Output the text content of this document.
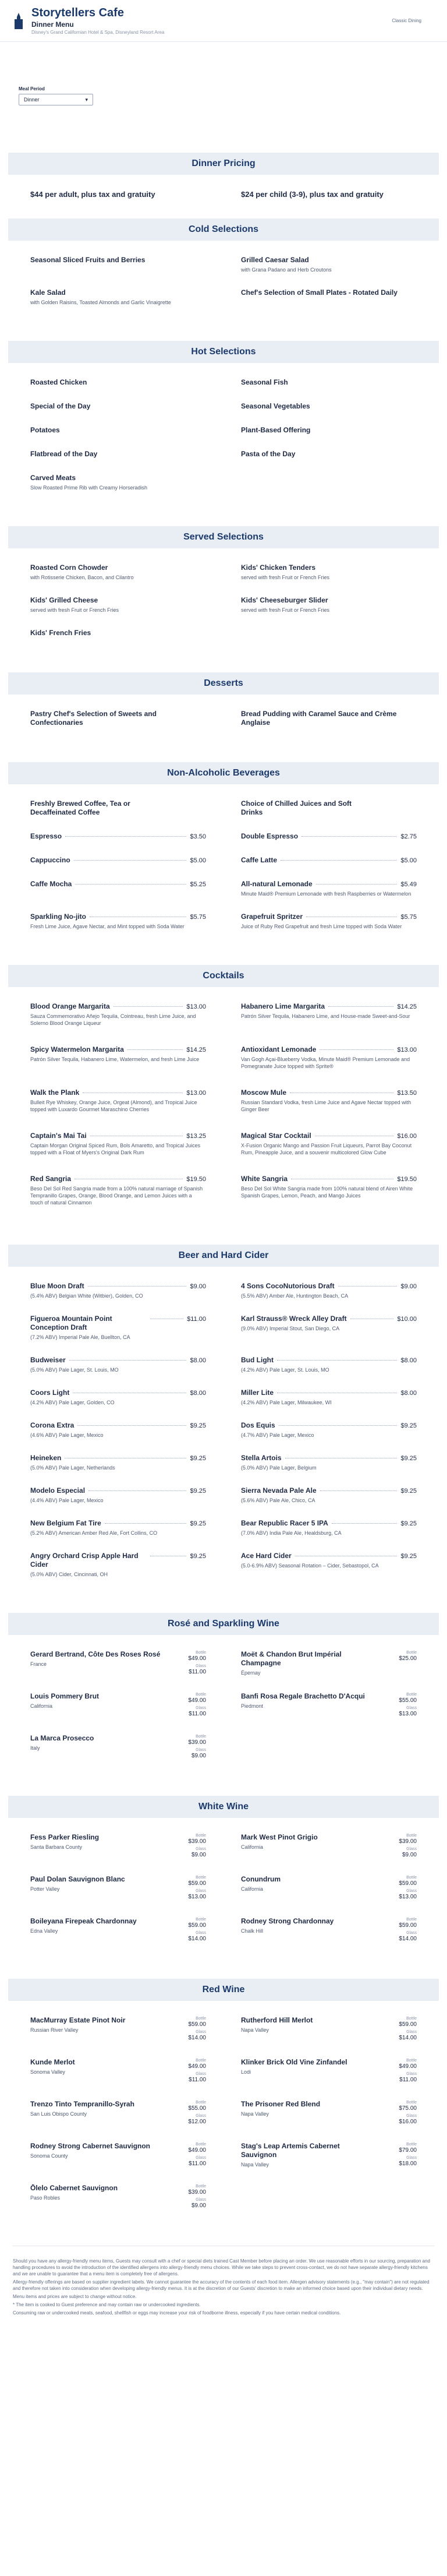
Storytellers Cafe
Dinner Menu
Disney's Grand Californian Hotel & Spa, Disneyland Resort Area
Classic Dining
Meal Period
Dinner	▾
Dinner Pricing
$44 per adult, plus tax and gratuity	$24 per child (3-9), plus tax and gratuity
Cold Selections
Seasonal Sliced Fruits and Berries	Grilled Caesar Salad
with Grana Padano and Herb Croutons
Kale Salad
with Golden Raisins, Toasted Almonds and Garlic Vinaigrette
Chef's Selection of Small Plates - Rotated Daily
Hot Selections
Roasted Chicken	Seasonal Fish
Special of the Day	Seasonal Vegetables
Potatoes	Plant-Based Offering
Flatbread of the Day	Pasta of the Day
Carved Meats
Slow Roasted Prime Rib with Creamy Horseradish
Served Selections
Roasted Corn Chowder
with Rotisserie Chicken, Bacon, and Cilantro
Kids' Chicken Tenders
served with fresh Fruit or French Fries
Kids' Grilled Cheese
served with fresh Fruit or French Fries
Kids' Cheeseburger Slider
served with fresh Fruit or French Fries
Kids' French Fries
Desserts
Pastry Chef's Selection of Sweets and Confectionaries
Bread Pudding with Caramel Sauce and Crème Anglaise
Non-Alcoholic Beverages
Freshly Brewed Coffee, Tea or Decaffeinated Coffee
Choice of Chilled Juices and Soft Drinks
Espresso	$3.50	Double Espresso	$2.75
Cappuccino	$5.00	Caffe Latte	$5.00
Caffe Mocha	$5.25	All-natural Lemonade	$5.49
Minute Maid® Premium Lemonade with fresh Raspberries or Watermelon
Sparkling No-jito	$5.75
Fresh Lime Juice, Agave Nectar, and Mint topped with Soda Water
Grapefruit Spritzer	$5.75
Juice of Ruby Red Grapefruit and fresh Lime topped with Soda Water
Cocktails
Blood Orange Margarita	$13.00
Sauza Commemorativo Añejo Tequila, Cointreau, fresh Lime Juice, and Solerno Blood Orange Liqueur
Habanero Lime Margarita	$14.25
Patrón Silver Tequila, Habanero Lime, and House-made Sweet-and-Sour
Spicy Watermelon Margarita	$14.25
Patrón Silver Tequila, Habanero Lime, Watermelon, and fresh Lime Juice
Antioxidant Lemonade	$13.00
Van Gogh Açai-Blueberry Vodka, Minute Maid® Premium Lemonade and Pomegranate Juice topped with Sprite®
Walk the Plank	$13.00
Bulleit Rye Whiskey, Orange Juice, Orgeat (Almond), and Tropical Juice topped with Luxardo Gourmet Maraschino Cherries
Moscow Mule	$13.50
Russian Standard Vodka, fresh Lime Juice and Agave Nectar topped with Ginger Beer
Captain's Mai Tai	$13.25
Captain Morgan Original Spiced Rum, Bols Amaretto, and Tropical Juices topped with a Float of Myers's Original Dark Rum
Magical Star Cocktail	$16.00
X-Fusion Organic Mango and Passion Fruit Liqueurs, Parrot Bay Coconut Rum, Pineapple Juice, and a souvenir multicolored Glow Cube
Red Sangria	$19.50
Beso Del Sol Red Sangria made from a 100% natural marriage of Spanish Tempranillo Grapes, Orange, Blood Orange, and Lemon Juices with a touch of natural Cinnamon
White Sangria	$19.50
Beso Del Sol White Sangria made from 100% natural blend of Airen White Spanish Grapes, Lemon, Peach, and Mango Juices
Beer and Hard Cider
Blue Moon Draft	$9.00
(5.4% ABV) Belgian White (Witbier), Golden, CO
4 Sons CocoNutorious Draft	$9.00
(5.5% ABV) Amber Ale, Huntington Beach, CA
Figueroa Mountain Point Conception Draft
$11.00
(7.2% ABV) Imperial Pale Ale, Buellton, CA
Karl Strauss® Wreck Alley Draft	$10.00
(9.0% ABV) Imperial Stout, San Diego, CA
Budweiser	$8.00
(5.0% ABV) Pale Lager, St. Louis, MO
Bud Light	$8.00
(4.2% ABV) Pale Lager, St. Louis, MO
Coors Light	$8.00
(4.2% ABV) Pale Lager, Golden, CO
Miller Lite	$8.00
(4.2% ABV) Pale Lager, Milwaukee, WI
Corona Extra	$9.25
(4.6% ABV) Pale Lager, Mexico
Dos Equis	$9.25
(4.7% ABV) Pale Lager, Mexico
Heineken	$9.25
(5.0% ABV) Pale Lager, Netherlands
Stella Artois	$9.25
(5.0% ABV) Pale Lager, Belgium
Modelo Especial	$9.25
(4.4% ABV) Pale Lager, Mexico
Sierra Nevada Pale Ale	$9.25
(5.6% ABV) Pale Ale, Chico, CA
New Belgium Fat Tire	$9.25
(5.2% ABV) American Amber Red Ale, Fort Collins, CO
Bear Republic Racer 5 IPA	$9.25
(7.0% ABV) India Pale Ale, Healdsburg, CA
Angry Orchard Crisp Apple Hard Cider
$9.25
(5.0% ABV) Cider, Cincinnati, OH
Ace Hard Cider	$9.25
(5.0-6.9% ABV) Seasonal Rotation – Cider, Sebastopol, CA
Rosé and Sparkling Wine
Gerard Bertrand, Côte Des Roses Rosé
France
Bottle
$49.00
Glass
$11.00
Moët & Chandon Brut Impérial Champagne
Épernay
Bottle
$25.00
Louis Pommery Brut
California
Bottle
$49.00
Glass
$11.00
Banfi Rosa Regale Brachetto D'Acqui
Piedmont
Bottle
$55.00
Glass
$13.00
La Marca Prosecco
Italy
Bottle
$39.00
Glass
$9.00
White Wine
Fess Parker Riesling
Santa Barbara County
Bottle
$39.00
Glass
$9.00
Mark West Pinot Grigio
California
Bottle
$39.00
Glass
$9.00
Paul Dolan Sauvignon Blanc
Potter Valley
Bottle
$59.00
Glass
$13.00
Conundrum
California
Bottle
$59.00
Glass
$13.00
Boileyana Firepeak Chardonnay
Edna Valley
Bottle
$59.00
Glass
$14.00
Rodney Strong Chardonnay
Chalk Hill
Bottle
$59.00
Glass
$14.00
Red Wine
MacMurray Estate Pinot Noir
Russian River Valley
Bottle
$59.00
Glass
$14.00
Rutherford Hill Merlot
Napa Valley
Bottle
$59.00
Glass
$14.00
Kunde Merlot
Sonoma Valley
Bottle
$49.00
Glass
$11.00
Klinker Brick Old Vine Zinfandel
Lodi
Bottle
$49.00
Glass
$11.00
Trenzo Tinto Tempranillo-Syrah
San Luis Obispo County
Bottle
$55.00
Glass
$12.00
The Prisoner Red Blend
Napa Valley
Bottle
$75.00
Glass
$16.00
Rodney Strong Cabernet Sauvignon
Sonoma County
Bottle
$49.00
Glass
$11.00
Stag's Leap Artemis Cabernet Sauvignon
Napa Valley
Bottle
$79.00
Glass
$18.00
Ōlelo Cabernet Sauvignon
Paso Robles
Bottle
$39.00
Glass
$9.00

Should you have any allergy-friendly menu items, Guests may consult with a chef or special diets trained Cast Member before placing an order. We use reasonable efforts in our sourcing, preparation and handling procedures to avoid the introduction of the identified allergens into allergy-friendly menu choices. While we take steps to prevent cross-contact, we do not have separate allergy-friendly kitchens and we are unable to guarantee that a menu item is completely free of allergens.

Allergy-friendly offerings are based on supplier ingredient labels. We cannot guarantee the accuracy of the contents of each food item. Allergen advisory statements (e.g., "may contain") are not regulated and therefore not taken into consideration when developing allergy-friendly menus. It is at the discretion of our Guests' discretion to make an informed choice based upon their individual dietary needs.

Menu items and prices are subject to change without notice.

* The item is cooked to Guest preference and may contain raw or undercooked ingredients.

Consuming raw or undercooked meats, seafood, shellfish or eggs may increase your risk of foodborne illness, especially if you have certain medical conditions.
